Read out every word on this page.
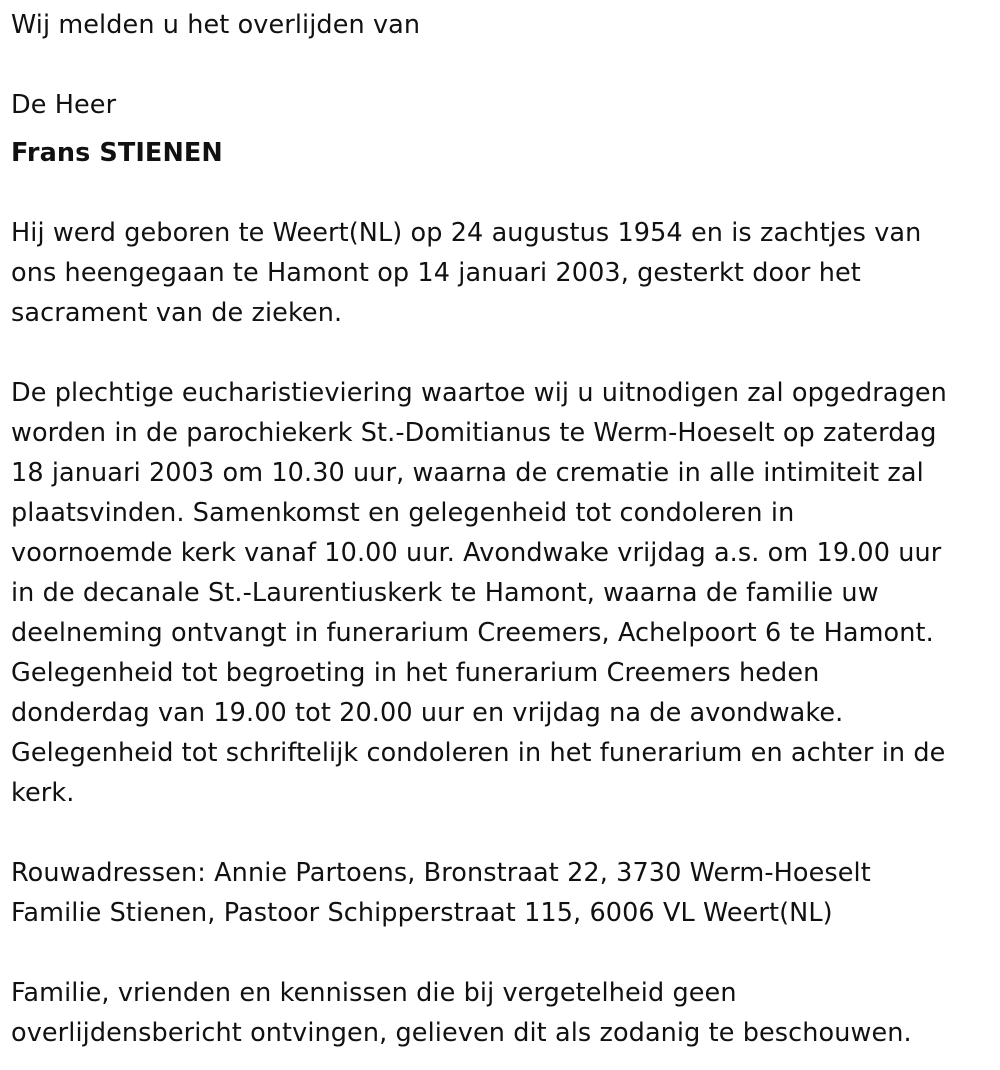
Wij melden u het overlijden van
De Heer
Frans STIENEN
Hij werd geboren te Weert(NL) op 24 augustus 1954 en is zachtjes van
ons heengegaan te Hamont op 14 januari 2003, gesterkt door het
sacrament van de zieken.
De plechtige eucharistieviering waartoe wij u uitnodigen zal opgedragen
worden in de parochiekerk St.-Domitianus te Werm-Hoeselt op zaterdag
18 januari 2003 om 10.30 uur, waarna de crematie in alle intimiteit zal
plaatsvinden. Samenkomst en gelegenheid tot condoleren in
voornoemde kerk vanaf 10.00 uur. Avondwake vrijdag a.s. om 19.00 uur
in de decanale St.-Laurentiuskerk te Hamont, waarna de familie uw
deelneming ontvangt in funerarium Creemers, Achelpoort 6 te Hamont.
Gelegenheid tot begroeting in het funerarium Creemers heden
donderdag van 19.00 tot 20.00 uur en vrijdag na de avondwake.
Gelegenheid tot schriftelijk condoleren in het funerarium en achter in de
kerk.
Rouwadressen: Annie Partoens, Bronstraat 22, 3730 Werm-Hoeselt
Familie Stienen, Pastoor Schipperstraat 115, 6006 VL Weert(NL)
Familie, vrienden en kennissen die bij vergetelheid geen
overlijdensbericht ontvingen, gelieven dit als zodanig te beschouwen.
